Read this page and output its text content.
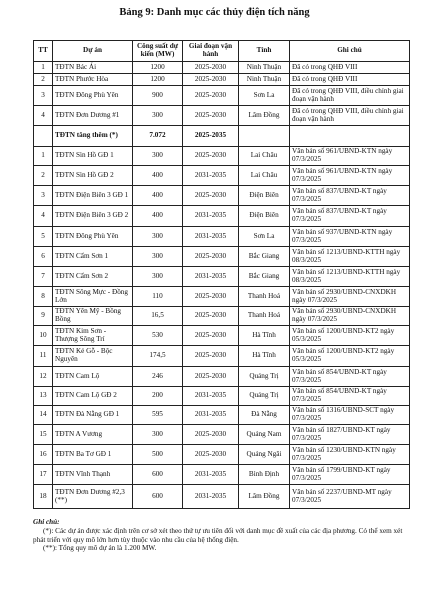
Bảng 9: Danh mục các thủy điện tích năng
TT	Dự án	Công suất dự kiến (MW)	Giai đoạn vận hành	Tỉnh	Ghi chú
1	TĐTN Bác Ái	1200	2025-2030	Ninh Thuận	Đã có trong QHĐ VIII
2	TĐTN Phước Hòa	1200	2025-2030	Ninh Thuận	Đã có trong QHĐ VIII
3	TĐTN Đông Phù Yên	900	2025-2030	Sơn La	Đã có trong QHĐ VIII, điều chỉnh giai đoạn vận hành
4	TĐTN Đơn Dương #1	300	2025-2030	Lâm Đồng	Đã có trong QHĐ VIII, điều chỉnh giai đoạn vận hành
	TĐTN tăng thêm (*)	7.072	2025-2035		
1	TĐTN Sìn Hồ GĐ 1	300	2025-2030	Lai Châu	Văn bản số 961/UBND-KTN ngày 07/3/2025
2	TĐTN Sìn Hồ GĐ 2	400	2031-2035	Lai Châu	Văn bản số 961/UBND-KTN ngày 07/3/2025
3	TĐTN Điện Biên 3 GĐ 1	400	2025-2030	Điện Biên	Văn bản số 837/UBND-KT ngày 07/3/2025
4	TĐTN Điện Biên 3 GĐ 2	400	2031-2035	Điện Biên	Văn bản số 837/UBND-KT ngày 07/3/2025
5	TĐTN Đông Phù Yên	300	2031-2035	Sơn La	Văn bản số 937/UBND-KTN ngày 07/3/2025
6	TĐTN Cẩm Sơn 1	300	2025-2030	Bắc Giang	Văn bản số 1213/UBND-KTTH ngày 08/3/2025
7	TĐTN Cẩm Sơn 2	300	2031-2035	Bắc Giang	Văn bản số 1213/UBND-KTTH ngày 08/3/2025
8	TĐTN Sông Mực - Đồng Lớn	110	2025-2030	Thanh Hoá	Văn bản số 2930/UBND-CNXDKH ngày 07/3/2025
9	TĐTN Yên Mỹ - Bồng Bồng	16,5	2025-2030	Thanh Hoá	Văn bản số 2930/UBND-CNXDKH ngày 07/3/2025
10	TĐTN Kim Sơn - Thượng Sông Trí	530	2025-2030	Hà Tĩnh	Văn bản số 1200/UBND-KT2 ngày 05/3/2025
11	TĐTN Kẻ Gỗ - Bộc Nguyên	174,5	2025-2030	Hà Tĩnh	Văn bản số 1200/UBND-KT2 ngày 05/3/2025
12	TĐTN Cam Lộ	246	2025-2030	Quảng Trị	Văn bản số 854/UBND-KT ngày 07/3/2025
13	TĐTN Cam Lộ GĐ 2	200	2031-2035	Quảng Trị	Văn bản số 854/UBND-KT ngày 07/3/2025
14	TĐTN Đà Nẵng GĐ 1	595	2031-2035	Đà Nẵng	Văn bản số 1316/UBND-SCT ngày 07/3/2025
15	TĐTN A Vương	300	2025-2030	Quảng Nam	Văn bản số 1827/UBND-KT ngày 07/3/2025
16	TĐTN Ba Tơ GĐ 1	500	2025-2030	Quảng Ngãi	Văn bản số 1230/UBND-KTN ngày 07/3/2025
17	TĐTN Vĩnh Thạnh	600	2031-2035	Bình Định	Văn bản số 1799/UBND-KT ngày 07/3/2025
18	TĐTN Đơn Dương #2,3 (**)	600	2031-2035	Lâm Đồng	Văn bản số 2237/UBND-MT ngày 07/3/2025

Ghi chú:

(*): Các dự án được xác định trên cơ sở xét theo thứ tự ưu tiên đối với danh mục đề xuất của các địa phương. Có thể xem xét phát triển với quy mô lớn hơn tùy thuộc vào nhu cầu của hệ thống điện.

(**): Tổng quy mô dự án là 1.200 MW.
